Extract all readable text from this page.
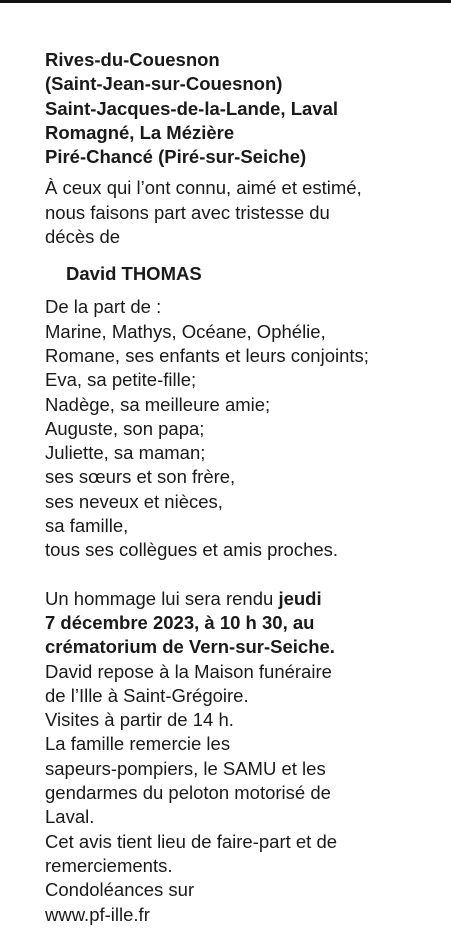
Rives-du-Couesnon
(Saint-Jean-sur-Couesnon)
Saint-Jacques-de-la-Lande, Laval
Romagné, La Mézière
Piré-Chancé (Piré-sur-Seiche)
À ceux qui l’ont connu, aimé et estimé,
nous faisons part avec tristesse du
décès de
David THOMAS
De la part de :
Marine, Mathys, Océane, Ophélie,
Romane, ses enfants et leurs conjoints;
Eva, sa petite-fille;
Nadège, sa meilleure amie;
Auguste, son papa;
Juliette, sa maman;
ses sœurs et son frère,
ses neveux et nièces,
sa famille,
tous ses collègues et amis proches.
Un hommage lui sera rendu jeudi
7 décembre 2023, à 10 h 30, au
crématorium de Vern-sur-Seiche.
David repose à la Maison funéraire
de l’Ille à Saint-Grégoire.
Visites à partir de 14 h.
La famille remercie les
sapeurs-pompiers, le SAMU et les
gendarmes du peloton motorisé de
Laval.
Cet avis tient lieu de faire-part et de
remerciements.
Condoléances sur
www.pf-ille.fr
